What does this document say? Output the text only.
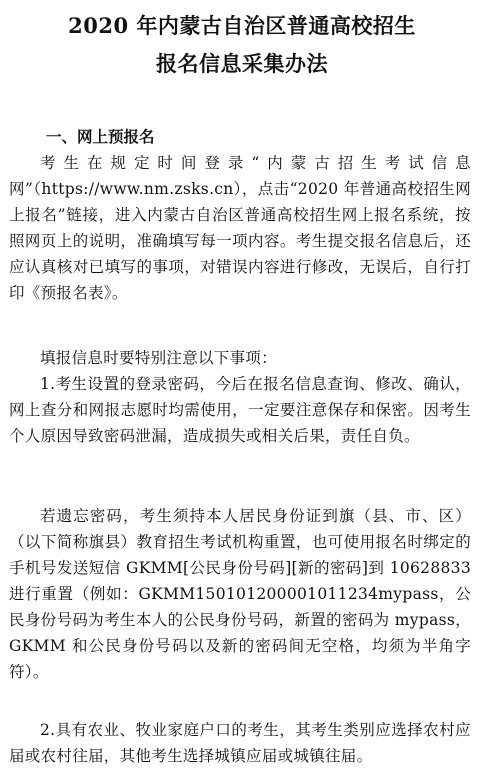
2020 年内蒙古自治区普通高校招生
报名信息采集办法

一、网上预报名

考生在规定时间登录“内蒙古招生考试信息网”（https://www.nm.zsks.cn），点击“2020 年普通高校招生网上报名”链接，进入内蒙古自治区普通高校招生网上报名系统，按照网页上的说明，准确填写每一项内容。考生提交报名信息后，还应认真核对已填写的事项，对错误内容进行修改，无误后，自行打印《预报名表》。

填报信息时要特别注意以下事项：

1.考生设置的登录密码，今后在报名信息查询、修改、确认，网上查分和网报志愿时均需使用，一定要注意保存和保密。因考生个人原因导致密码泄漏，造成损失或相关后果，责任自负。

若遗忘密码，考生须持本人居民身份证到旗（县、市、区）（以下简称旗县）教育招生考试机构重置，也可使用报名时绑定的手机号发送短信 GKMM[公民身份号码][新的密码]到 10628833 进行重置（例如：GKMM150101200001011234mypass，公民身份号码为考生本人的公民身份号码，新置的密码为 mypass，GKMM 和公民身份号码以及新的密码间无空格，均须为半角字符）。

2.具有农业、牧业家庭户口的考生，其考生类别应选择农村应届或农村往届，其他考生选择城镇应届或城镇往届。
